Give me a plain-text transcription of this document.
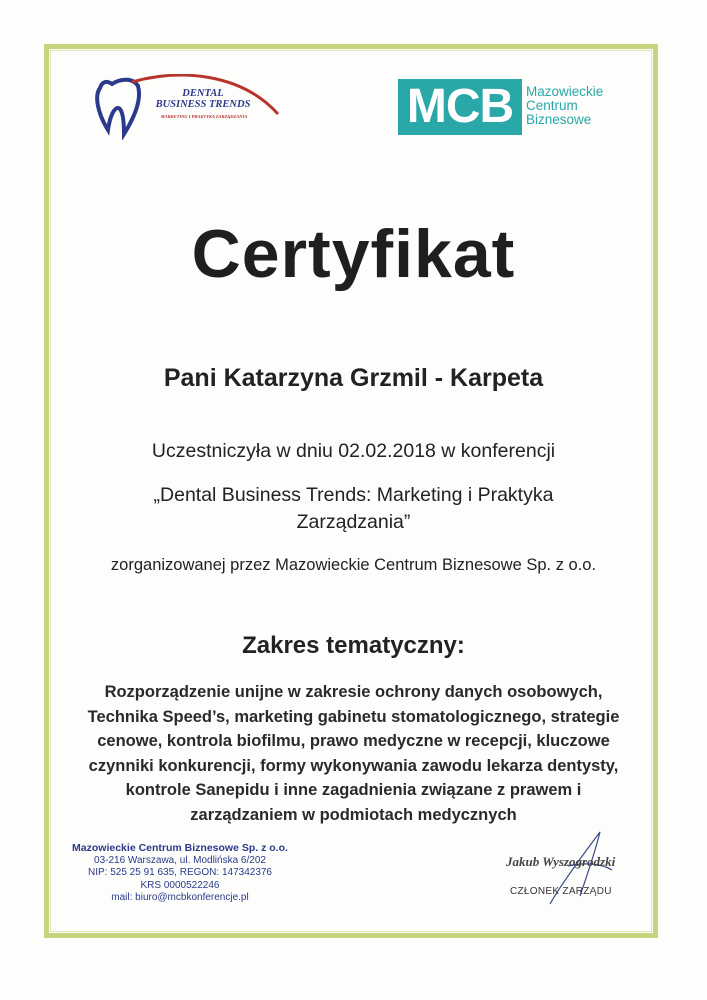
DENTAL
BUSINESS TRENDS
MARKETING I PRAKTYKA ZARZĄDZANIA	MCB Mazowieckie
Centrum
Biznesowe
Certyfikat
Pani Katarzyna Grzmil - Karpeta
Uczestniczyła w dniu 02.02.2018 w konferencji
„Dental Business Trends: Marketing i Praktyka Zarządzania”
zorganizowanej przez Mazowieckie Centrum Biznesowe Sp. z o.o.
Zakres tematyczny:
Rozporządzenie unijne w zakresie ochrony danych osobowych, Technika Speed’s, marketing gabinetu stomatologicznego, strategie cenowe, kontrola biofilmu, prawo medyczne w recepcji, kluczowe czynniki konkurencji, formy wykonywania zawodu lekarza dentysty, kontrole Sanepidu i inne zagadnienia związane z prawem i zarządzaniem w podmiotach medycznych
Mazowieckie Centrum Biznesowe Sp. z o.o.
03-216 Warszawa, ul. Modlińska 6/202
NIP: 525 25 91 635, REGON: 147342376
KRS 0000522246
mail: biuro@mcbkonferencje.pl
Jakub Wyszogrodzki
CZŁONEK ZARZĄDU
